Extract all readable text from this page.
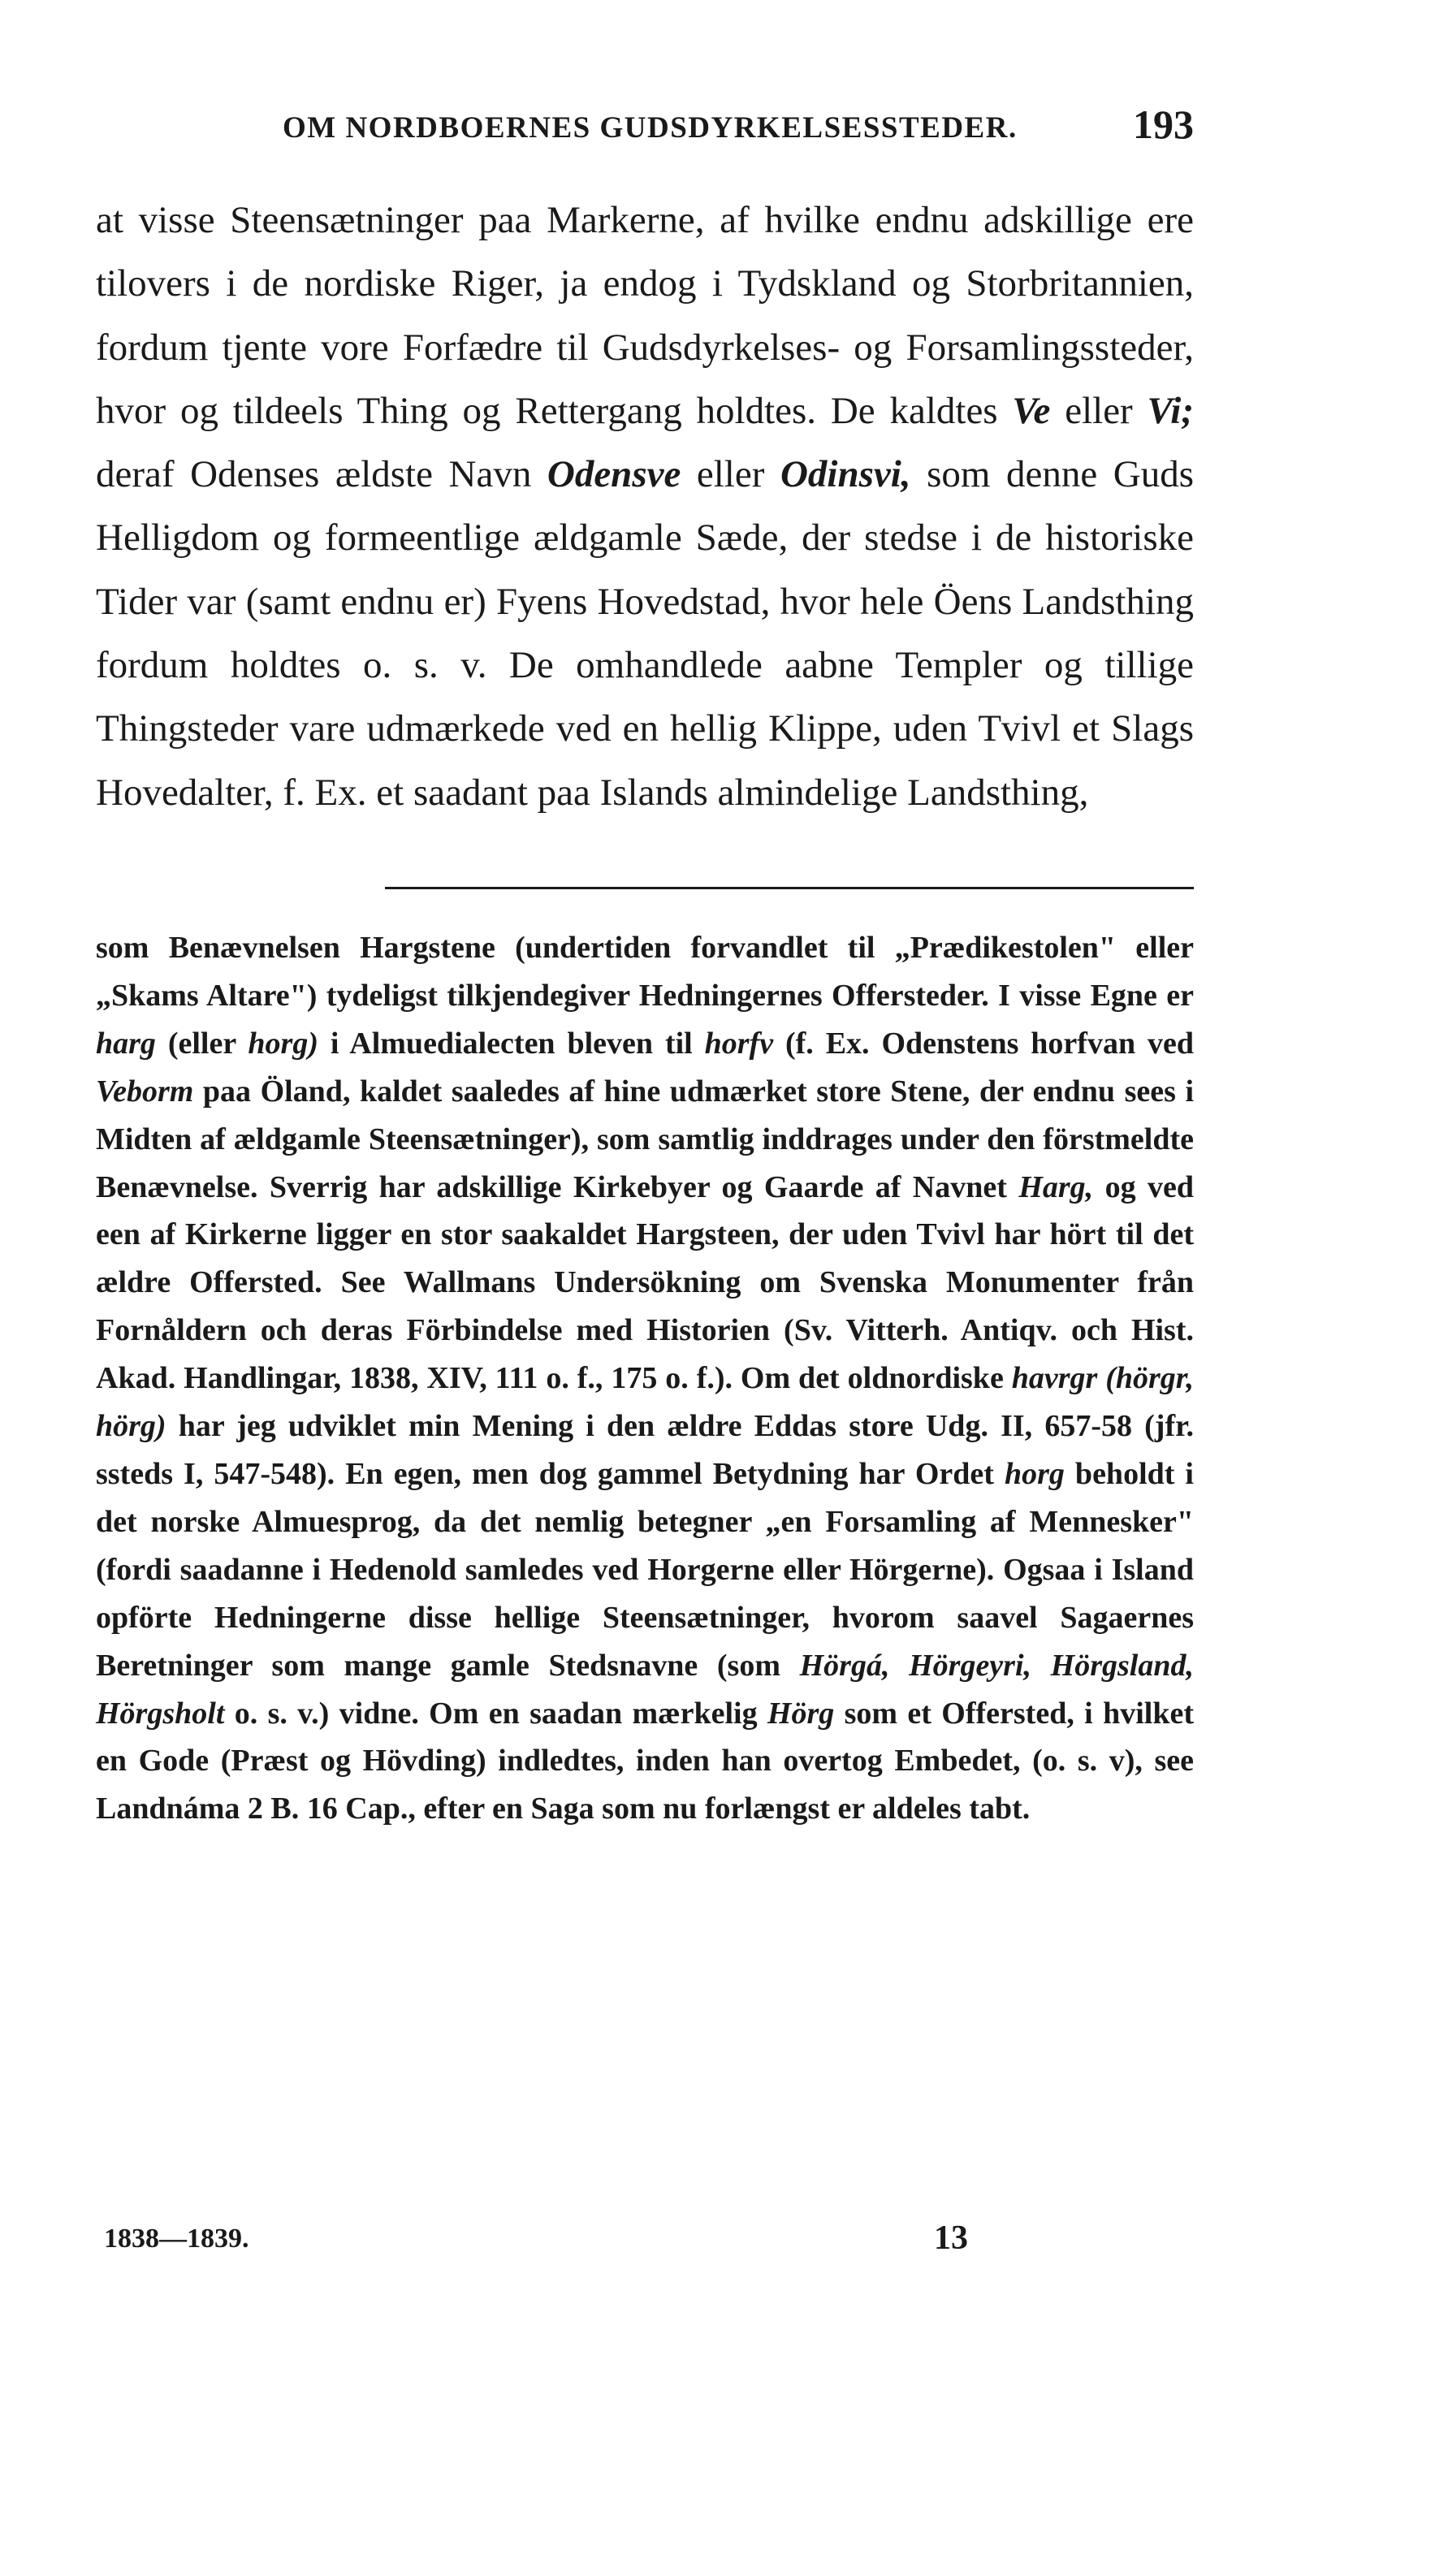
OM NORDBOERNES GUDSDYRKELSESSTEDER.	193
at visse Steensætninger paa Markerne, af hvilke endnu adskillige ere tilovers i de nordiske Riger, ja endog i Tydskland og Storbritannien, fordum tjente vore Forfædre til Gudsdyrkelses- og Forsamlingssteder, hvor og tildeels Thing og Rettergang holdtes. De kaldtes Ve eller Vi; deraf Odenses ældste Navn Odensve eller Odinsvi, som denne Guds Helligdom og formeentlige ældgamle Sæde, der stedse i de historiske Tider var (samt endnu er) Fyens Hovedstad, hvor hele Öens Landsthing fordum holdtes o. s. v. De omhandlede aabne Templer og tillige Thingsteder vare udmærkede ved en hellig Klippe, uden Tvivl et Slags Hovedalter, f. Ex. et saadant paa Islands almindelige Landsthing,
som Benævnelsen Hargstene (undertiden forvandlet til „Prædikestolen" eller „Skams Altare") tydeligst tilkjendegiver Hedningernes Offersteder. I visse Egne er harg (eller horg) i Almuedialecten bleven til horfv (f. Ex. Odenstens horfvan ved Veborm paa Öland, kaldet saaledes af hine udmærket store Stene, der endnu sees i Midten af ældgamle Steensætninger), som samtlig inddrages under den förstmeldte Benævnelse. Sverrig har adskillige Kirkebyer og Gaarde af Navnet Harg, og ved een af Kirkerne ligger en stor saakaldet Hargsteen, der uden Tvivl har hört til det ældre Offersted. See Wallmans Undersökning om Svenska Monumenter från Fornåldern och deras Förbindelse med Historien (Sv. Vitterh. Antiqv. och Hist. Akad. Handlingar, 1838, XIV, 111 o. f., 175 o. f.). Om det oldnordiske havrgr (hörgr, hörg) har jeg udviklet min Mening i den ældre Eddas store Udg. II, 657-58 (jfr. ssteds I, 547-548). En egen, men dog gammel Betydning har Ordet horg beholdt i det norske Almuesprog, da det nemlig betegner „en Forsamling af Mennesker" (fordi saadanne i Hedenold samledes ved Horgerne eller Hörgerne). Ogsaa i Island opförte Hedningerne disse hellige Steensætninger, hvorom saavel Sagaernes Beretninger som mange gamle Stedsnavne (som Hörgá, Hörgeyri, Hörgsland, Hörgsholt o. s. v.) vidne. Om en saadan mærkelig Hörg som et Offersted, i hvilket en Gode (Præst og Hövding) indledtes, inden han overtog Embedet, (o. s. v), see Landnáma 2 B. 16 Cap., efter en Saga som nu forlængst er aldeles tabt.
1838—1839.	13
